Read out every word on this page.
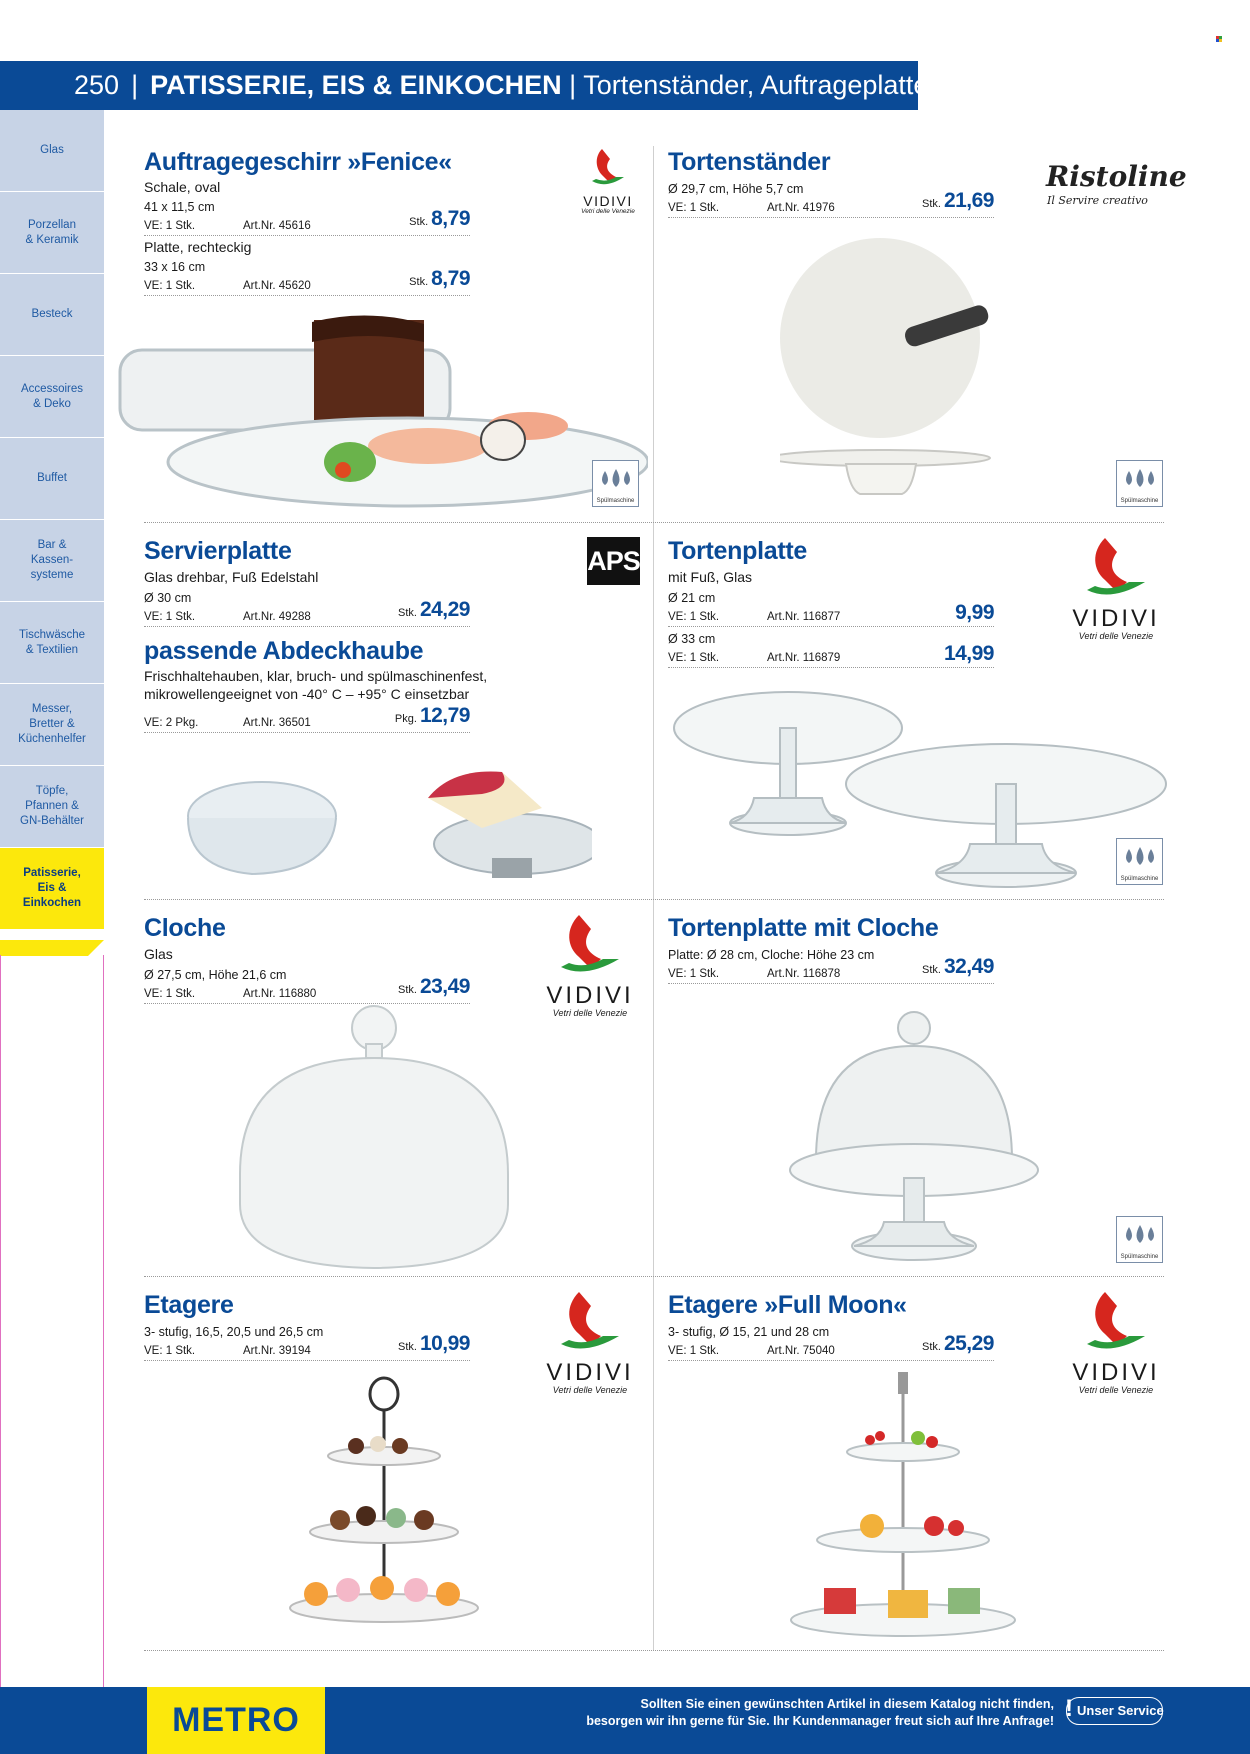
250 | PATISSERIE, EIS & EINKOCHEN | Tortenständer, Auftrageplatten
Glas
Porzellan
& Keramik
Besteck
Accessoires
& Deko
Buffet
Bar &
Kassen-
systeme
Tischwäsche
& Textilien
Messer,
Bretter &
Küchenhelfer
Töpfe,
Pfannen &
GN-Behälter
Patisserie,
Eis &
Einkochen
Auftragegeschirr »Fenice«
Schale, oval
41 x 11,5 cm
VE: 1 Stk.	Art.Nr. 45616	Stk. 8,79
Platte, rechteckig
33 x 16 cm
VE: 1 Stk.	Art.Nr. 45620	Stk. 8,79
VIDIVI
Vetri delle Venezie
Spülmaschine
Tortenständer
Ø 29,7 cm, Höhe 5,7 cm
VE: 1 Stk.	Art.Nr. 41976	Stk. 21,69
Ristoline
Il Servire creativo
Spülmaschine
Servierplatte
Glas drehbar, Fuß Edelstahl
Ø 30 cm
VE: 1 Stk.	Art.Nr. 49288	Stk. 24,29
passende Abdeckhaube
Frischhaltehauben, klar, bruch- und spülmaschinenfest,
mikrowellengeeignet von -40° C – +95° C einsetzbar
VE: 2 Pkg.	Art.Nr. 36501	Pkg. 12,79
APS Tortenplatte
mit Fuß, Glas
Ø 21 cm
VE: 1 Stk.	Art.Nr. 116877	9,99
Ø 33 cm
VE: 1 Stk.	Art.Nr. 116879	14,99
VIDIVI
Vetri delle Venezie
Spülmaschine
Cloche
Glas
Ø 27,5 cm, Höhe 21,6 cm
VE: 1 Stk.	Art.Nr. 116880	Stk. 23,49	VIDIVI
Vetri delle Venezie
Tortenplatte mit Cloche
Platte: Ø 28 cm, Cloche: Höhe 23 cm
VE: 1 Stk.	Art.Nr. 116878	Stk. 32,49
Spülmaschine
Etagere
3- stufig, 16,5, 20,5 und 26,5 cm
VE: 1 Stk.	Art.Nr. 39194	Stk. 10,99
VIDIVI
Vetri delle Venezie
Etagere »Full Moon«
3- stufig, Ø 15, 21 und 28 cm
VE: 1 Stk.	Art.Nr. 75040	Stk. 25,29
VIDIVI
Vetri delle Venezie
METRO	Sollten Sie einen gewünschten Artikel in diesem Katalog nicht finden,
besorgen wir ihn gerne für Sie. Ihr Kundenmanager freut sich auf Ihre Anfrage! ! Unser Service
